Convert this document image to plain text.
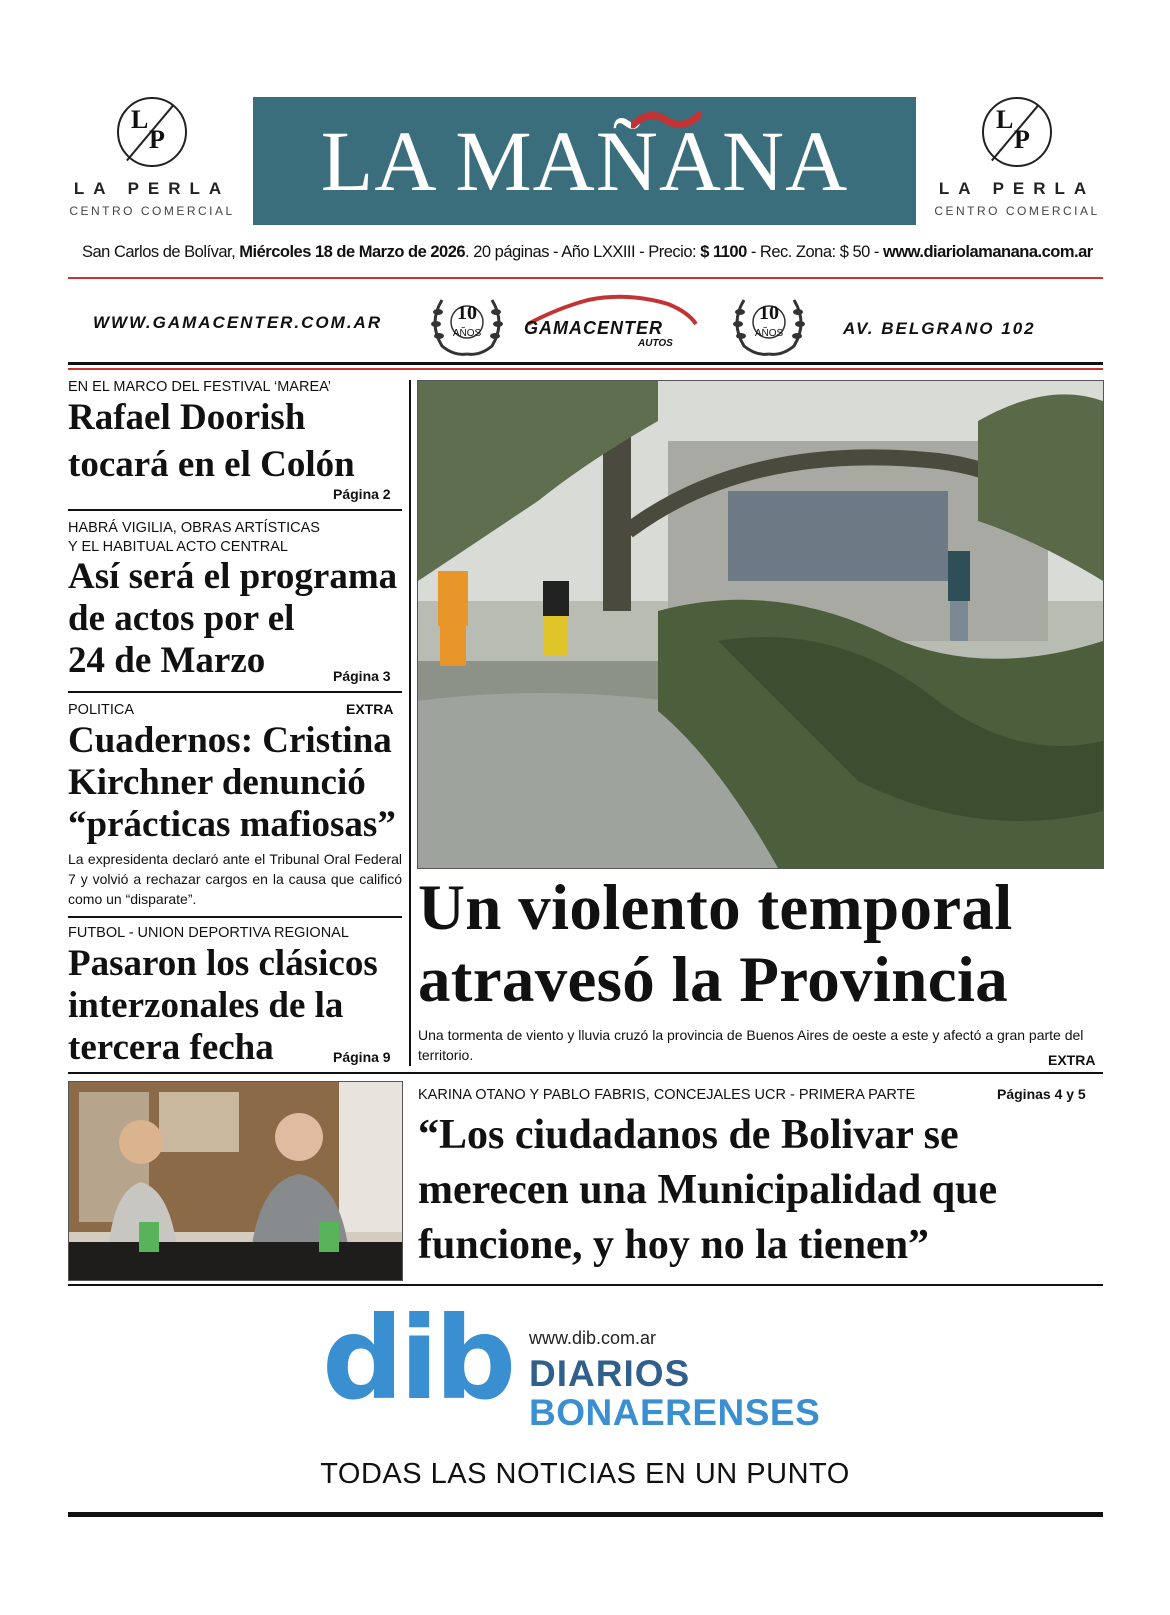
L
P
LA PERLA
CENTRO COMERCIAL
LA MAÑANA	L
P
LA PERLA
CENTRO COMERCIAL
San Carlos de Bolívar, Miércoles 18 de Marzo de 2026. 20 páginas - Año LXXIII - Precio: $ 1100 - Rec. Zona: $ 50 - www.diariolamanana.com.ar
WWW.GAMACENTER.COM.AR	10
AÑOS	GAMACENTER
AUTOS
10
AÑOS	AV. BELGRANO 102
EN EL MARCO DEL FESTIVAL ‘MAREA’
Rafael Doorish
tocará en el Colón
Página 2
HABRÁ VIGILIA, OBRAS ARTÍSTICAS
Y EL HABITUAL ACTO CENTRAL
Así será el programa
de actos por el
24 de Marzo	Página 3
POLITICA	EXTRA
Cuadernos: Cristina
Kirchner denunció
“prácticas mafiosas”
La expresidenta declaró ante el Tribunal Oral Federal 7 y volvió a rechazar cargos en la causa que calificó como un “disparate”.
FUTBOL - UNION DEPORTIVA REGIONAL
Pasaron los clásicos
interzonales de la
tercera fecha	Página 9
Un violento temporal
atravesó la Provincia
Una tormenta de viento y lluvia cruzó la provincia de Buenos Aires de oeste a este y afectó a gran parte del territorio.	EXTRA
KARINA OTANO Y PABLO FABRIS, CONCEJALES UCR - PRIMERA PARTE	Páginas 4 y 5
“Los ciudadanos de Bolivar se
merecen una Municipalidad que
funcione, y hoy no la tienen”
dib www.dib.com.ar
DIARIOS
BONAERENSES
TODAS LAS NOTICIAS EN UN PUNTO
